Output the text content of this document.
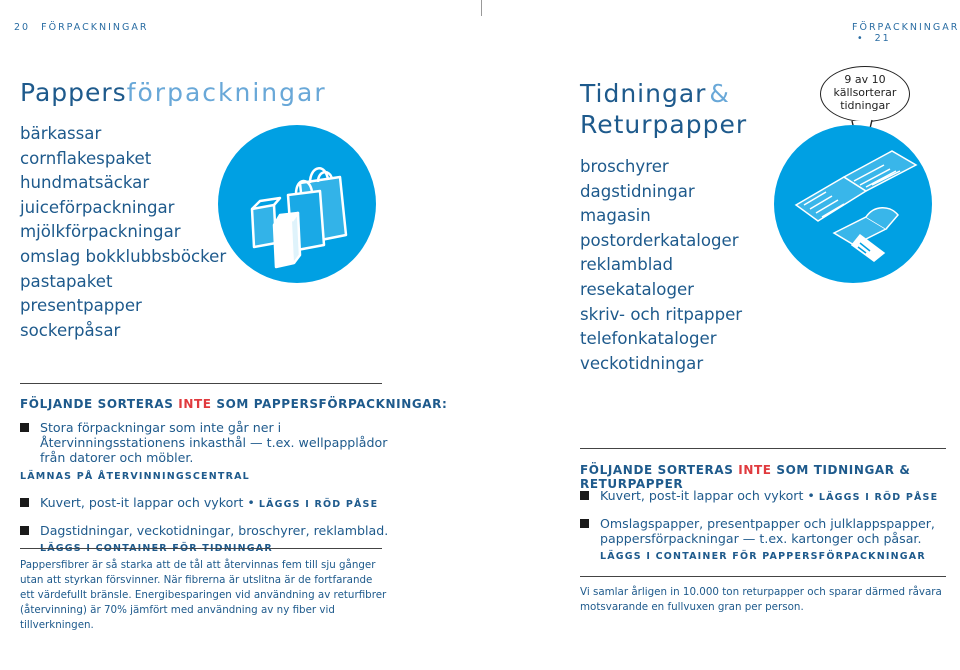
20 FÖRPACKNINGAR	FÖRPACKNINGAR • 21
Pappersförpackningar
bärkassar
cornflakespaket
hundmatsäckar
juiceförpackningar
mjölkförpackningar
omslag bokklubbsböcker
pastapaket
presentpapper
sockerpåsar
FÖLJANDE SORTERAS INTE SOM PAPPERSFÖRPACKNINGAR:
Stora förpackningar som inte går ner i Återvinningsstationens inkasthål — t.ex. wellpapplådor från datorer och möbler.
LÄMNAS PÅ ÅTERVINNINGSCENTRAL
Kuvert, post-it lappar och vykort • LÄGGS I RÖD PÅSE
Dagstidningar, veckotidningar, broschyrer, reklamblad.
Pappersfibrer är så starka att de tål att återvinnas fem till sju gånger utan att styrkan försvinner. När fibrerna är utslitna är de fortfarande ett värdefullt bränsle. Energibesparingen vid användning av returfibrer (återvinning) är 70% jämfört med användning av ny fiber vid tillverkningen.
Tidningar &
Returpapper
broschyrer
dagstidningar
magasin
postorderkataloger
reklamblad
resekataloger
skriv- och ritpapper
telefonkataloger
veckotidningar
9 av 10
källsorterar
tidningar
FÖLJANDE SORTERAS INTE SOM TIDNINGAR & RETURPAPPER
Kuvert, post-it lappar och vykort • LÄGGS I RÖD PÅSE
Omslagspapper, presentpapper och julklappspapper, pappersförpackningar — t.ex. kartonger och påsar.
LÄGGS I CONTAINER FÖR PAPPERSFÖRPACKNINGAR
Vi samlar årligen in 10.000 ton returpapper och sparar därmed råvara motsvarande en fullvuxen gran per person.
